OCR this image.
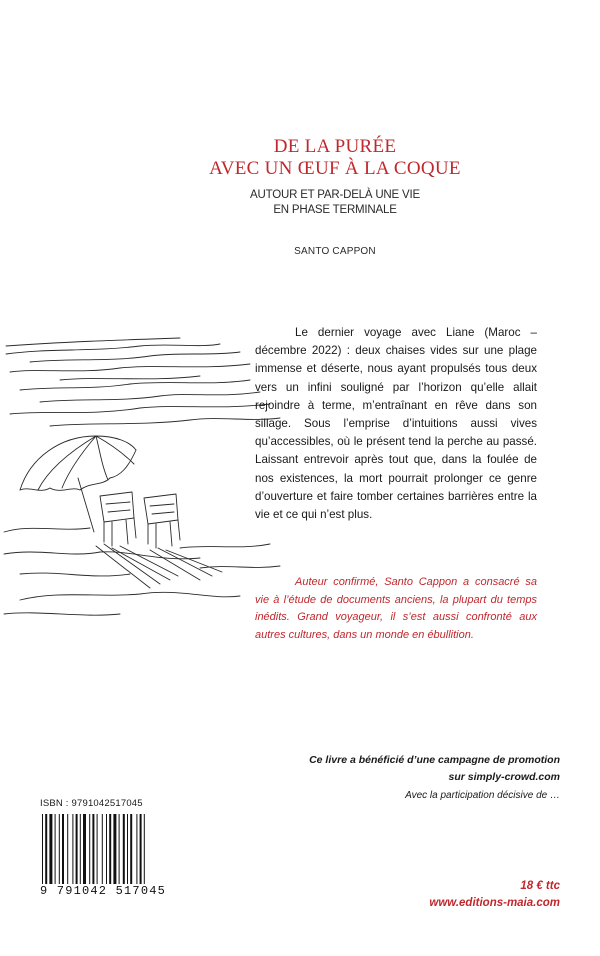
DE LA PURÉE
AVEC UN ŒUF À LA COQUE
AUTOUR ET PAR-DELÀ UNE VIE
EN PHASE TERMINALE
SANTO CAPPON

Le dernier voyage avec Liane (Maroc – décembre 2022) : deux chaises vides sur une plage immense et déserte, nous ayant propulsés tous deux vers un infini souligné par l’horizon qu’elle allait rejoindre à terme, m’entraînant en rêve dans son sillage. Sous l’emprise d’intuitions aussi vives qu’accessibles, où le présent tend la perche au passé. Laissant entrevoir après tout que, dans la foulée de nos existences, la mort pourrait prolonger ce genre d’ouverture et faire tomber certaines barrières entre la vie et ce qui n’est plus.

Auteur confirmé, Santo Cappon a consacré sa vie à l’étude de documents anciens, la plupart du temps inédits. Grand voyageur, il s’est aussi confronté aux autres cultures, dans un monde en ébullition.
Ce livre a bénéficié d’une campagne de promotion
sur simply-crowd.com
Avec la participation décisive de …
ISBN : 9791042517045
9 791042 517045	18 € ttc
www.editions-maia.com
